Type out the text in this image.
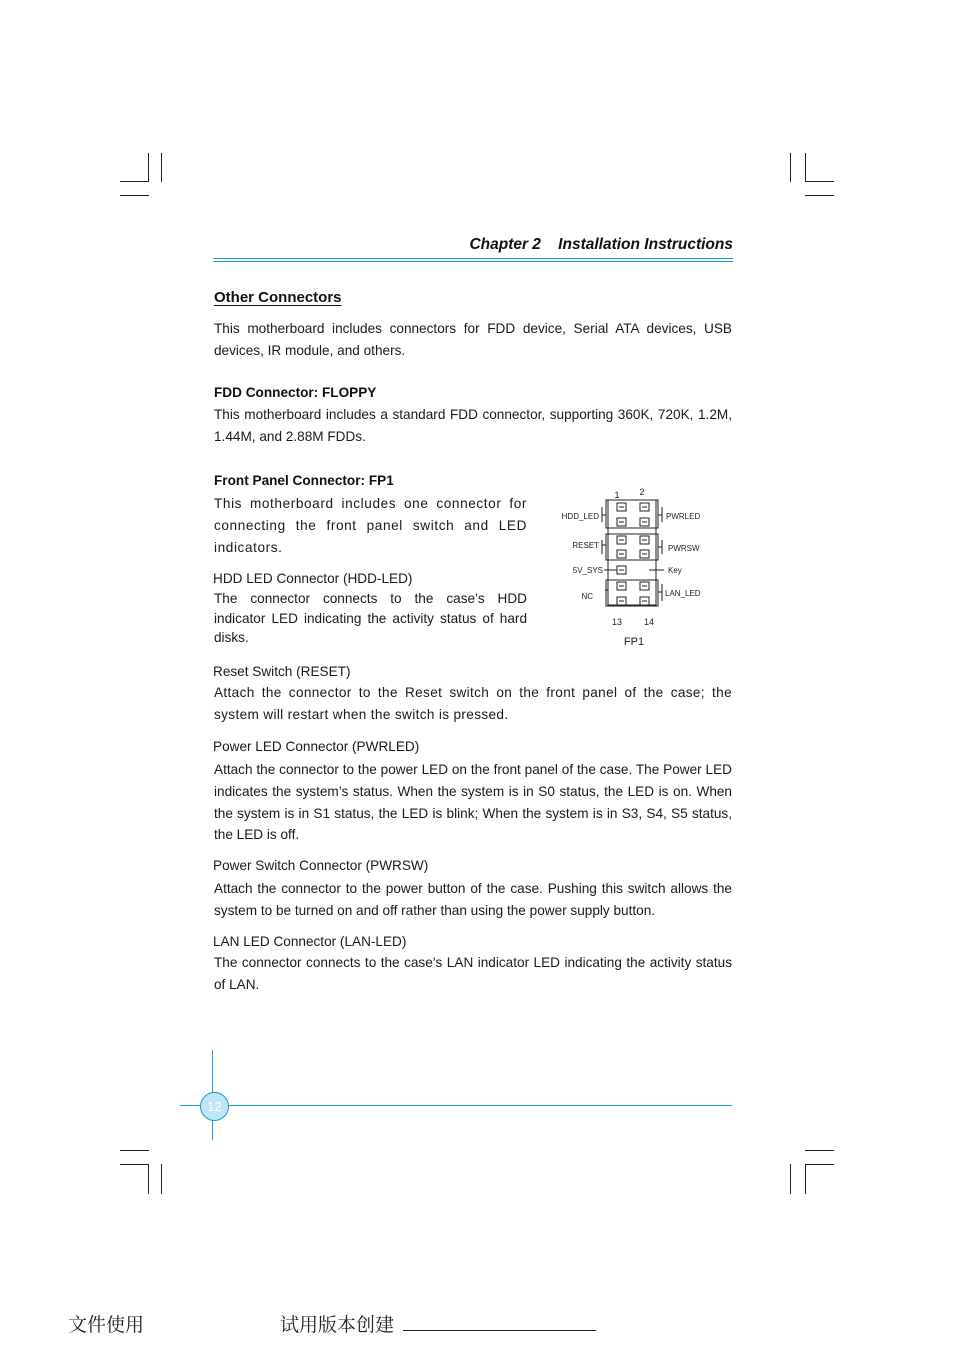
Chapter 2 Installation Instructions
Other Connectors
This motherboard includes connectors for FDD device, Serial ATA devices, USB devices, IR module, and others.
FDD Connector: FLOPPY
This motherboard includes a standard FDD connector, supporting 360K, 720K, 1.2M, 1.44M, and 2.88M FDDs.
Front Panel Connector: FP1
This motherboard includes one connector for connecting the front panel switch and LED indicators.
HDD LED Connector (HDD-LED)
The connector connects to the case’s HDD indicator LED indicating the activity status of hard disks.
1 2
HDD_LED
RESET
5V_SYS
NC
PWRLED
PWRSW
Key
LAN_LED
13 14
FP1
Reset Switch (RESET)
Attach the connector to the Reset switch on the front panel of the case; the system will restart when the switch is pressed.
Power LED Connector (PWRLED)
Attach the connector to the power LED on the front panel of the case. The Power LED indicates the system’s status. When the system is in S0 status, the LED is on. When the system is in S1 status, the LED is blink; When the system is in S3, S4, S5 status, the LED is off.
Power Switch Connector (PWRSW)
Attach the connector to the power button of the case. Pushing this switch allows the system to be turned on and off rather than using the power supply button.
LAN LED Connector (LAN-LED)
The connector connects to the case’s LAN indicator LED indicating the activity status of LAN.
12
文件使用	试用版本创建
